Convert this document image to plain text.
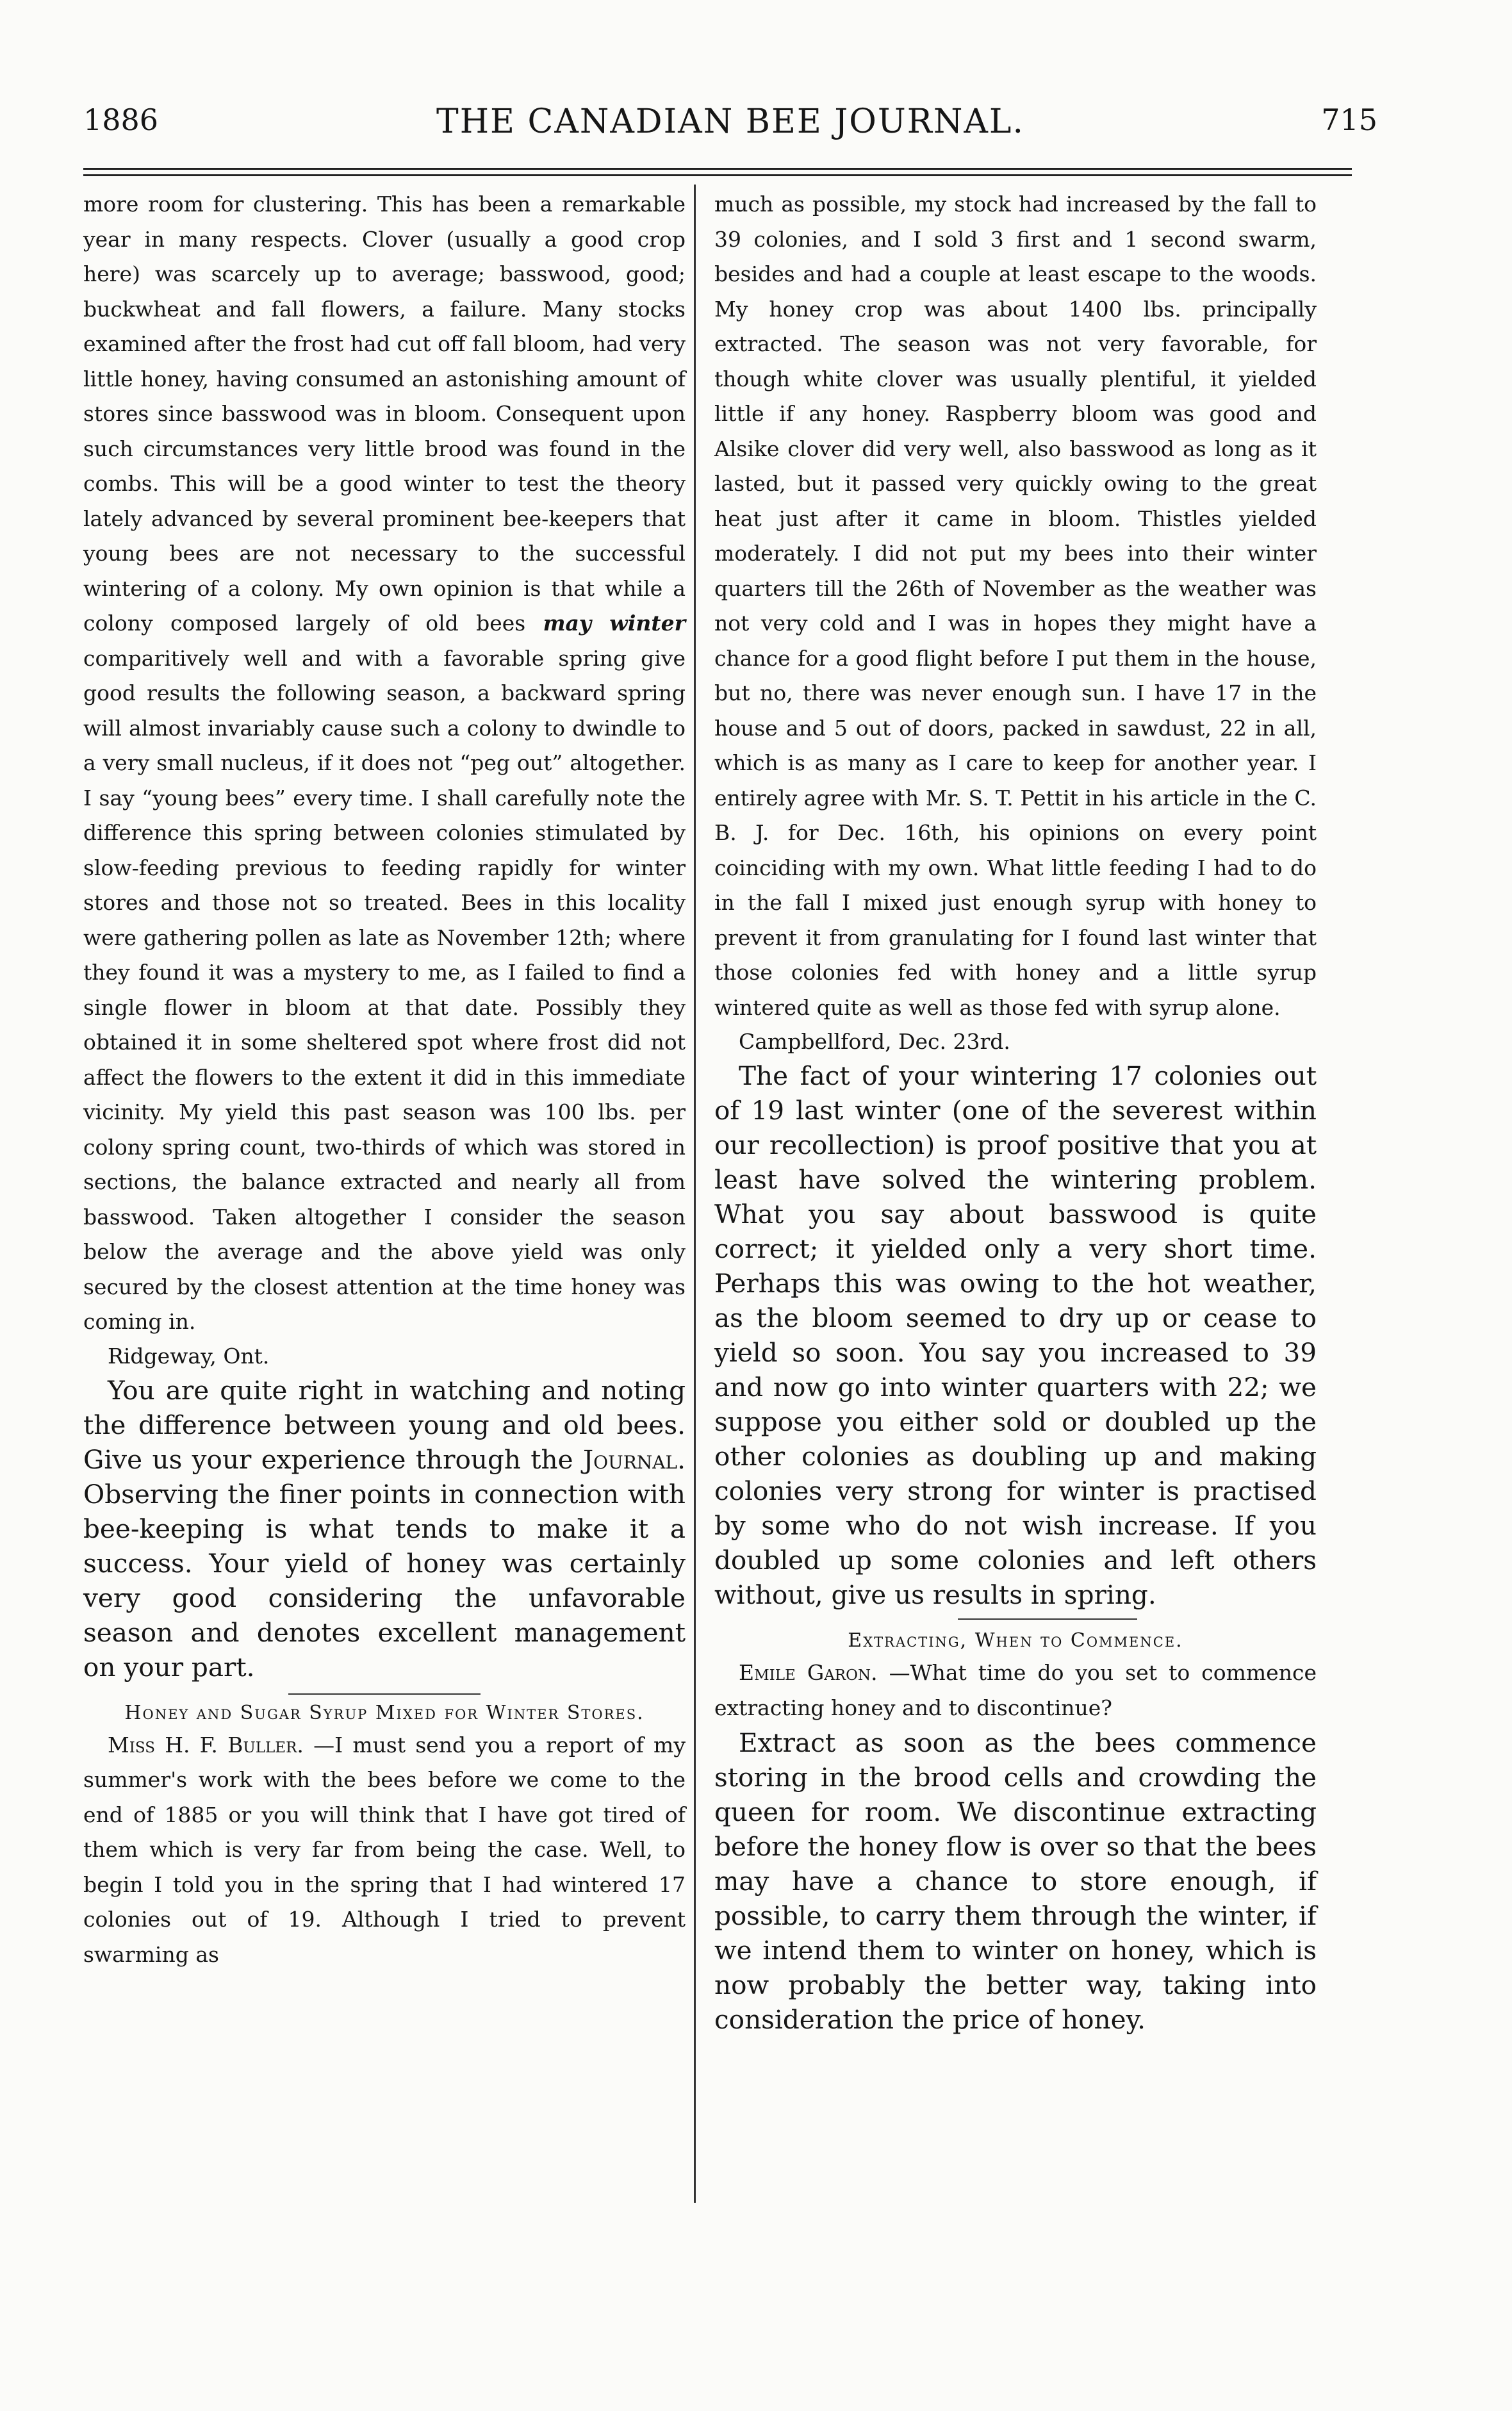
1886	THE CANADIAN BEE JOURNAL.	715

more room for clustering. This has been a remarkable year in many respects. Clover (usually a good crop here) was scarcely up to average; basswood, good; buckwheat and fall flowers, a failure. Many stocks examined after the frost had cut off fall bloom, had very little honey, having consumed an astonishing amount of stores since basswood was in bloom. Consequent upon such circumstances very little brood was found in the combs. This will be a good winter to test the theory lately advanced by several prominent bee-keepers that young bees are not necessary to the successful wintering of a colony. My own opinion is that while a colony composed largely of old bees may winter comparitively well and with a favorable spring give good results the following season, a backward spring will almost invariably cause such a colony to dwindle to a very small nucleus, if it does not “peg out” altogether. I say “young bees” every time. I shall carefully note the difference this spring between colonies stimulated by slow-feeding previous to feeding rapidly for winter stores and those not so treated. Bees in this locality were gathering pollen as late as November 12th; where they found it was a mystery to me, as I failed to find a single flower in bloom at that date. Possibly they obtained it in some sheltered spot where frost did not affect the flowers to the extent it did in this immediate vicinity. My yield this past season was 100 lbs. per colony spring count, two-thirds of which was stored in sections, the balance extracted and nearly all from basswood. Taken altogether I consider the season below the average and the above yield was only secured by the closest attention at the time honey was coming in.

Ridgeway, Ont.

You are quite right in watching and noting the difference between young and old bees. Give us your experience through the Journal. Observing the finer points in connection with bee-keeping is what tends to make it a success. Your yield of honey was certainly very good considering the unfavorable season and denotes excellent management on your part.

Honey and Sugar Syrup Mixed for Winter Stores.

Miss H. F. Buller. —I must send you a report of my summer's work with the bees before we come to the end of 1885 or you will think that I have got tired of them which is very far from being the case. Well, to begin I told you in the spring that I had wintered 17 colonies out of 19. Although I tried to prevent swarming as

much as possible, my stock had increased by the fall to 39 colonies, and I sold 3 first and 1 second swarm, besides and had a couple at least escape to the woods. My honey crop was about 1400 lbs. principally extracted. The season was not very favorable, for though white clover was usually plentiful, it yielded little if any honey. Raspberry bloom was good and Alsike clover did very well, also basswood as long as it lasted, but it passed very quickly owing to the great heat just after it came in bloom. Thistles yielded moderately. I did not put my bees into their winter quarters till the 26th of November as the weather was not very cold and I was in hopes they might have a chance for a good flight before I put them in the house, but no, there was never enough sun. I have 17 in the house and 5 out of doors, packed in sawdust, 22 in all, which is as many as I care to keep for another year. I entirely agree with Mr. S. T. Pettit in his article in the C. B. J. for Dec. 16th, his opinions on every point coinciding with my own. What little feeding I had to do in the fall I mixed just enough syrup with honey to prevent it from granulating for I found last winter that those colonies fed with honey and a little syrup wintered quite as well as those fed with syrup alone.

Campbellford, Dec. 23rd.

The fact of your wintering 17 colonies out of 19 last winter (one of the severest within our recollection) is proof positive that you at least have solved the wintering problem. What you say about basswood is quite correct; it yielded only a very short time. Perhaps this was owing to the hot weather, as the bloom seemed to dry up or cease to yield so soon. You say you increased to 39 and now go into winter quarters with 22; we suppose you either sold or doubled up the other colonies as doubling up and making colonies very strong for winter is practised by some who do not wish increase. If you doubled up some colonies and left others without, give us results in spring.

Extracting, When to Commence.

Emile Garon. —What time do you set to commence extracting honey and to discontinue?

Extract as soon as the bees commence storing in the brood cells and crowding the queen for room. We discontinue extracting before the honey flow is over so that the bees may have a chance to store enough, if possible, to carry them through the winter, if we intend them to winter on honey, which is now probably the better way, taking into consideration the price of honey.
